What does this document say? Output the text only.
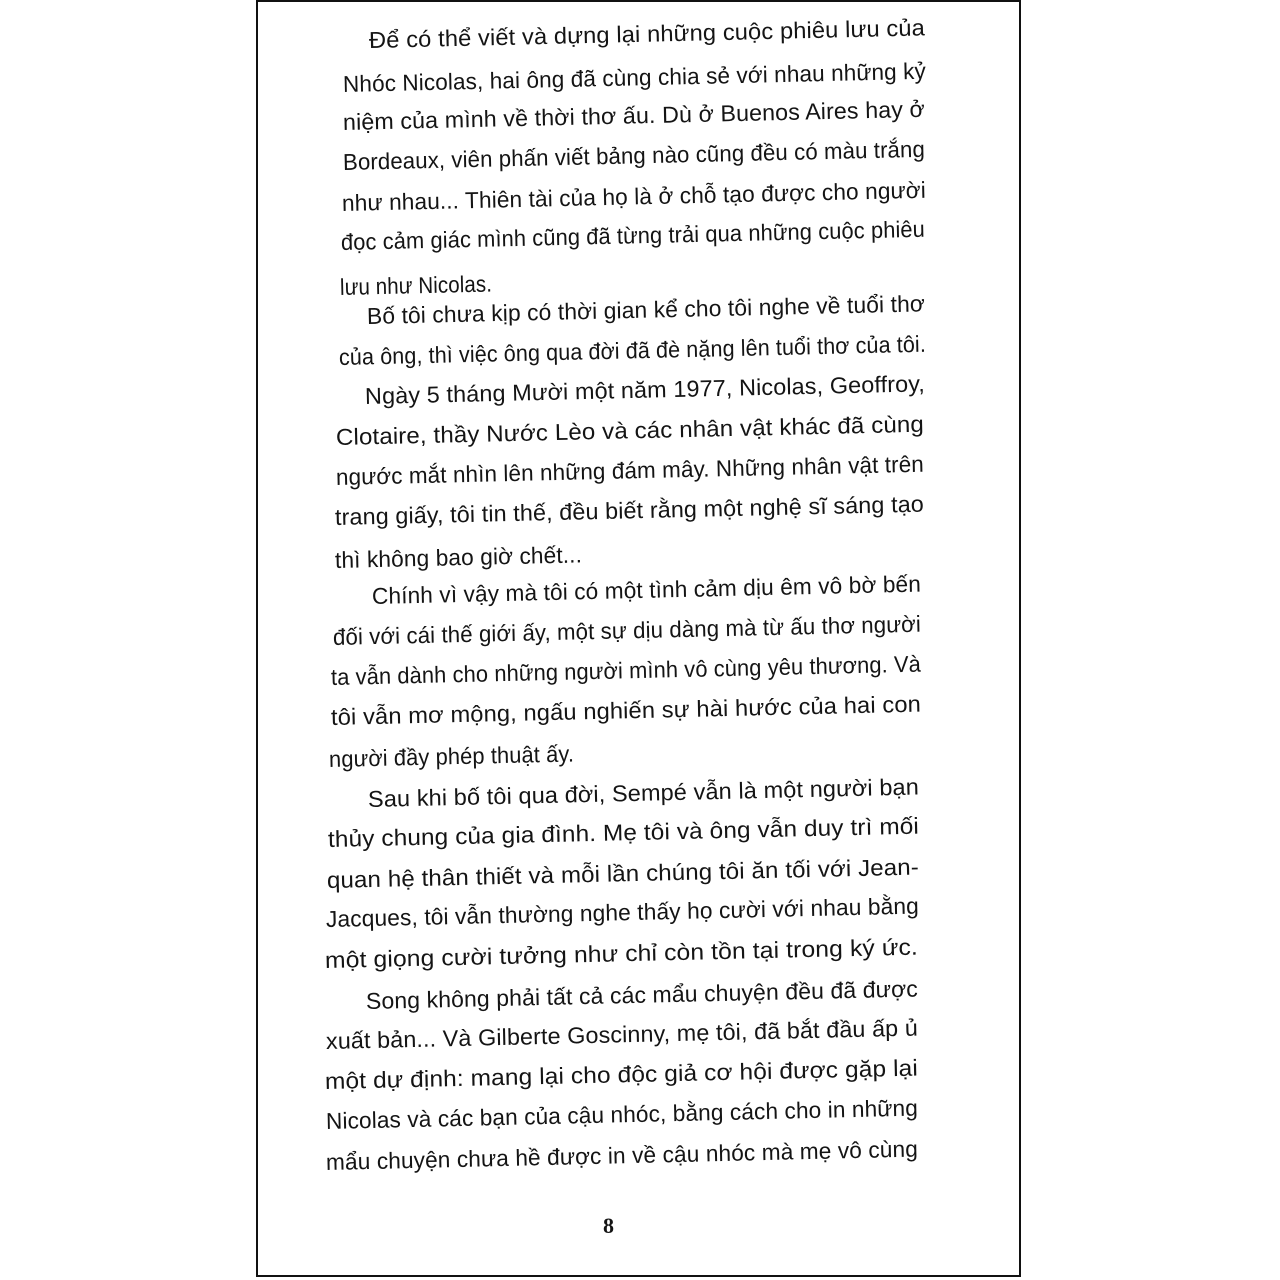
Để có thể viết và dựng lại những cuộc phiêu lưu của
Nhóc Nicolas, hai ông đã cùng chia sẻ với nhau những kỷ
niệm của mình về thời thơ ấu. Dù ở Buenos Aires hay ở
Bordeaux, viên phấn viết bảng nào cũng đều có màu trắng
như nhau... Thiên tài của họ là ở chỗ tạo được cho người
đọc cảm giác mình cũng đã từng trải qua những cuộc phiêu
lưu như Nicolas.
Bố tôi chưa kịp có thời gian kể cho tôi nghe về tuổi thơ
của ông, thì việc ông qua đời đã đè nặng lên tuổi thơ của tôi.
Ngày 5 tháng Mười một năm 1977, Nicolas, Geoffroy,
Clotaire, thầy Nước Lèo và các nhân vật khác đã cùng
ngước mắt nhìn lên những đám mây. Những nhân vật trên
trang giấy, tôi tin thế, đều biết rằng một nghệ sĩ sáng tạo
thì không bao giờ chết...
Chính vì vậy mà tôi có một tình cảm dịu êm vô bờ bến
đối với cái thế giới ấy, một sự dịu dàng mà từ ấu thơ người
ta vẫn dành cho những người mình vô cùng yêu thương. Và
tôi vẫn mơ mộng, ngấu nghiến sự hài hước của hai con
người đầy phép thuật ấy.
Sau khi bố tôi qua đời, Sempé vẫn là một người bạn
thủy chung của gia đình. Mẹ tôi và ông vẫn duy trì mối
quan hệ thân thiết và mỗi lần chúng tôi ăn tối với Jean-
Jacques, tôi vẫn thường nghe thấy họ cười với nhau bằng
một giọng cười tưởng như chỉ còn tồn tại trong ký ức.
Song không phải tất cả các mẩu chuyện đều đã được
xuất bản... Và Gilberte Goscinny, mẹ tôi, đã bắt đầu ấp ủ
một dự định: mang lại cho độc giả cơ hội được gặp lại
Nicolas và các bạn của cậu nhóc, bằng cách cho in những
mẩu chuyện chưa hề được in về cậu nhóc mà mẹ vô cùng
8
